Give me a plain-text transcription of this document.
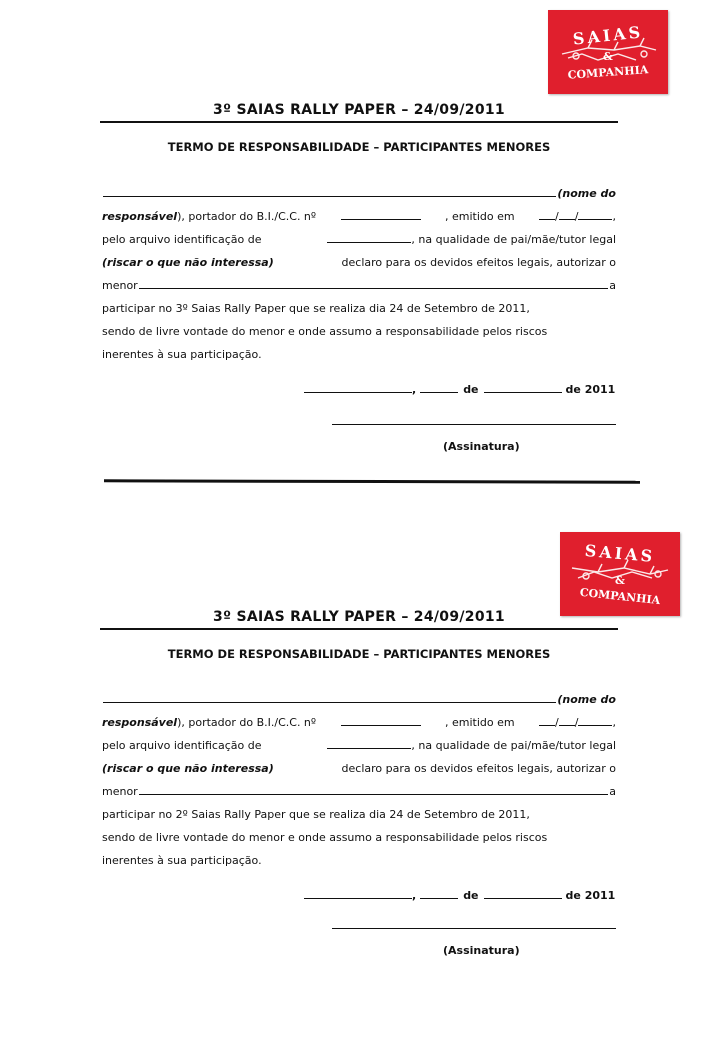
SAIAS
&
COMPANHIA
3º SAIAS RALLY PAPER – 24/09/2011
TERMO DE RESPONSABILIDADE – PARTICIPANTES MENORES
(nome do
responsável), portador do B.I./C.C. nº	, emitido em	/ /	,
pelo arquivo identificação de	, na qualidade de pai/mãe/tutor legal
(riscar o que não interessa)	declaro para os devidos efeitos legais, autorizar o
menor	a
participar no 3º Saias Rally Paper que se realiza dia 24 de Setembro de 2011,
sendo de livre vontade do menor e onde assumo a responsabilidade pelos riscos
inerentes à sua participação.
,	de	de 2011
(Assinatura)
SAIAS
&
COMPANHIA
3º SAIAS RALLY PAPER – 24/09/2011
TERMO DE RESPONSABILIDADE – PARTICIPANTES MENORES
(nome do
responsável), portador do B.I./C.C. nº	, emitido em	/ /	,
pelo arquivo identificação de	, na qualidade de pai/mãe/tutor legal
(riscar o que não interessa)	declaro para os devidos efeitos legais, autorizar o
menor	a
participar no 2º Saias Rally Paper que se realiza dia 24 de Setembro de 2011,
sendo de livre vontade do menor e onde assumo a responsabilidade pelos riscos
inerentes à sua participação.
,	de	de 2011
(Assinatura)
